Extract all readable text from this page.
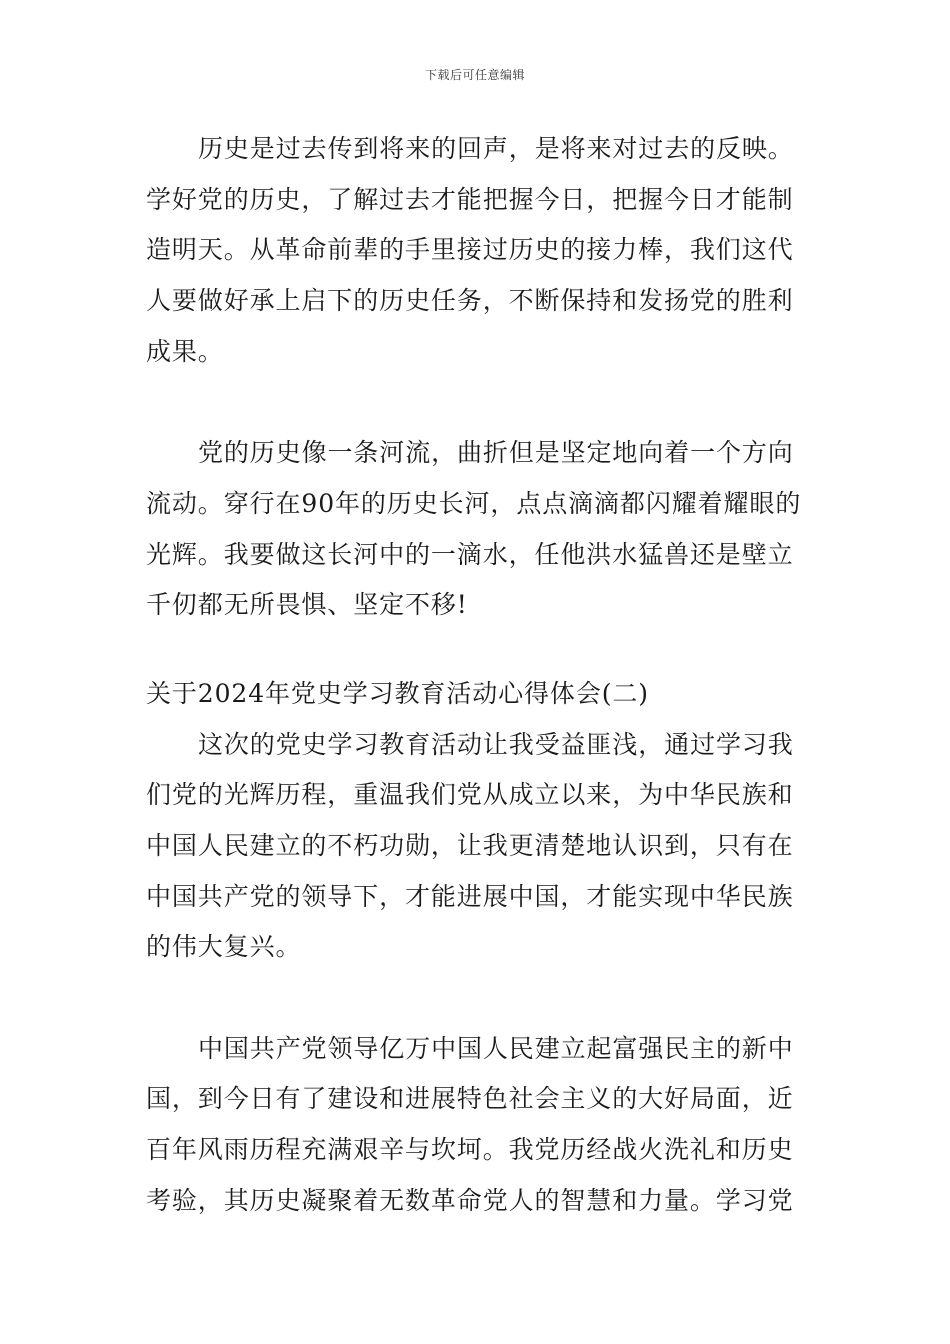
下载后可任意编辑
历史是过去传到将来的回声，是将来对过去的反映。
学好党的历史，了解过去才能把握今日，把握今日才能制
造明天。从革命前辈的手里接过历史的接力棒，我们这代
人要做好承上启下的历史任务，不断保持和发扬党的胜利
成果。
党的历史像一条河流，曲折但是坚定地向着一个方向
流动。穿行在90年的历史长河，点点滴滴都闪耀着耀眼的
光辉。我要做这长河中的一滴水，任他洪水猛兽还是壁立
千仞都无所畏惧、坚定不移!
关于2024年党史学习教育活动心得体会(二)
这次的党史学习教育活动让我受益匪浅，通过学习我
们党的光辉历程，重温我们党从成立以来，为中华民族和
中国人民建立的不朽功勋，让我更清楚地认识到，只有在
中国共产党的领导下，才能进展中国，才能实现中华民族
的伟大复兴。
中国共产党领导亿万中国人民建立起富强民主的新中
国，到今日有了建设和进展特色社会主义的大好局面，近
百年风雨历程充满艰辛与坎坷。我党历经战火洗礼和历史
考验，其历史凝聚着无数革命党人的智慧和力量。学习党
